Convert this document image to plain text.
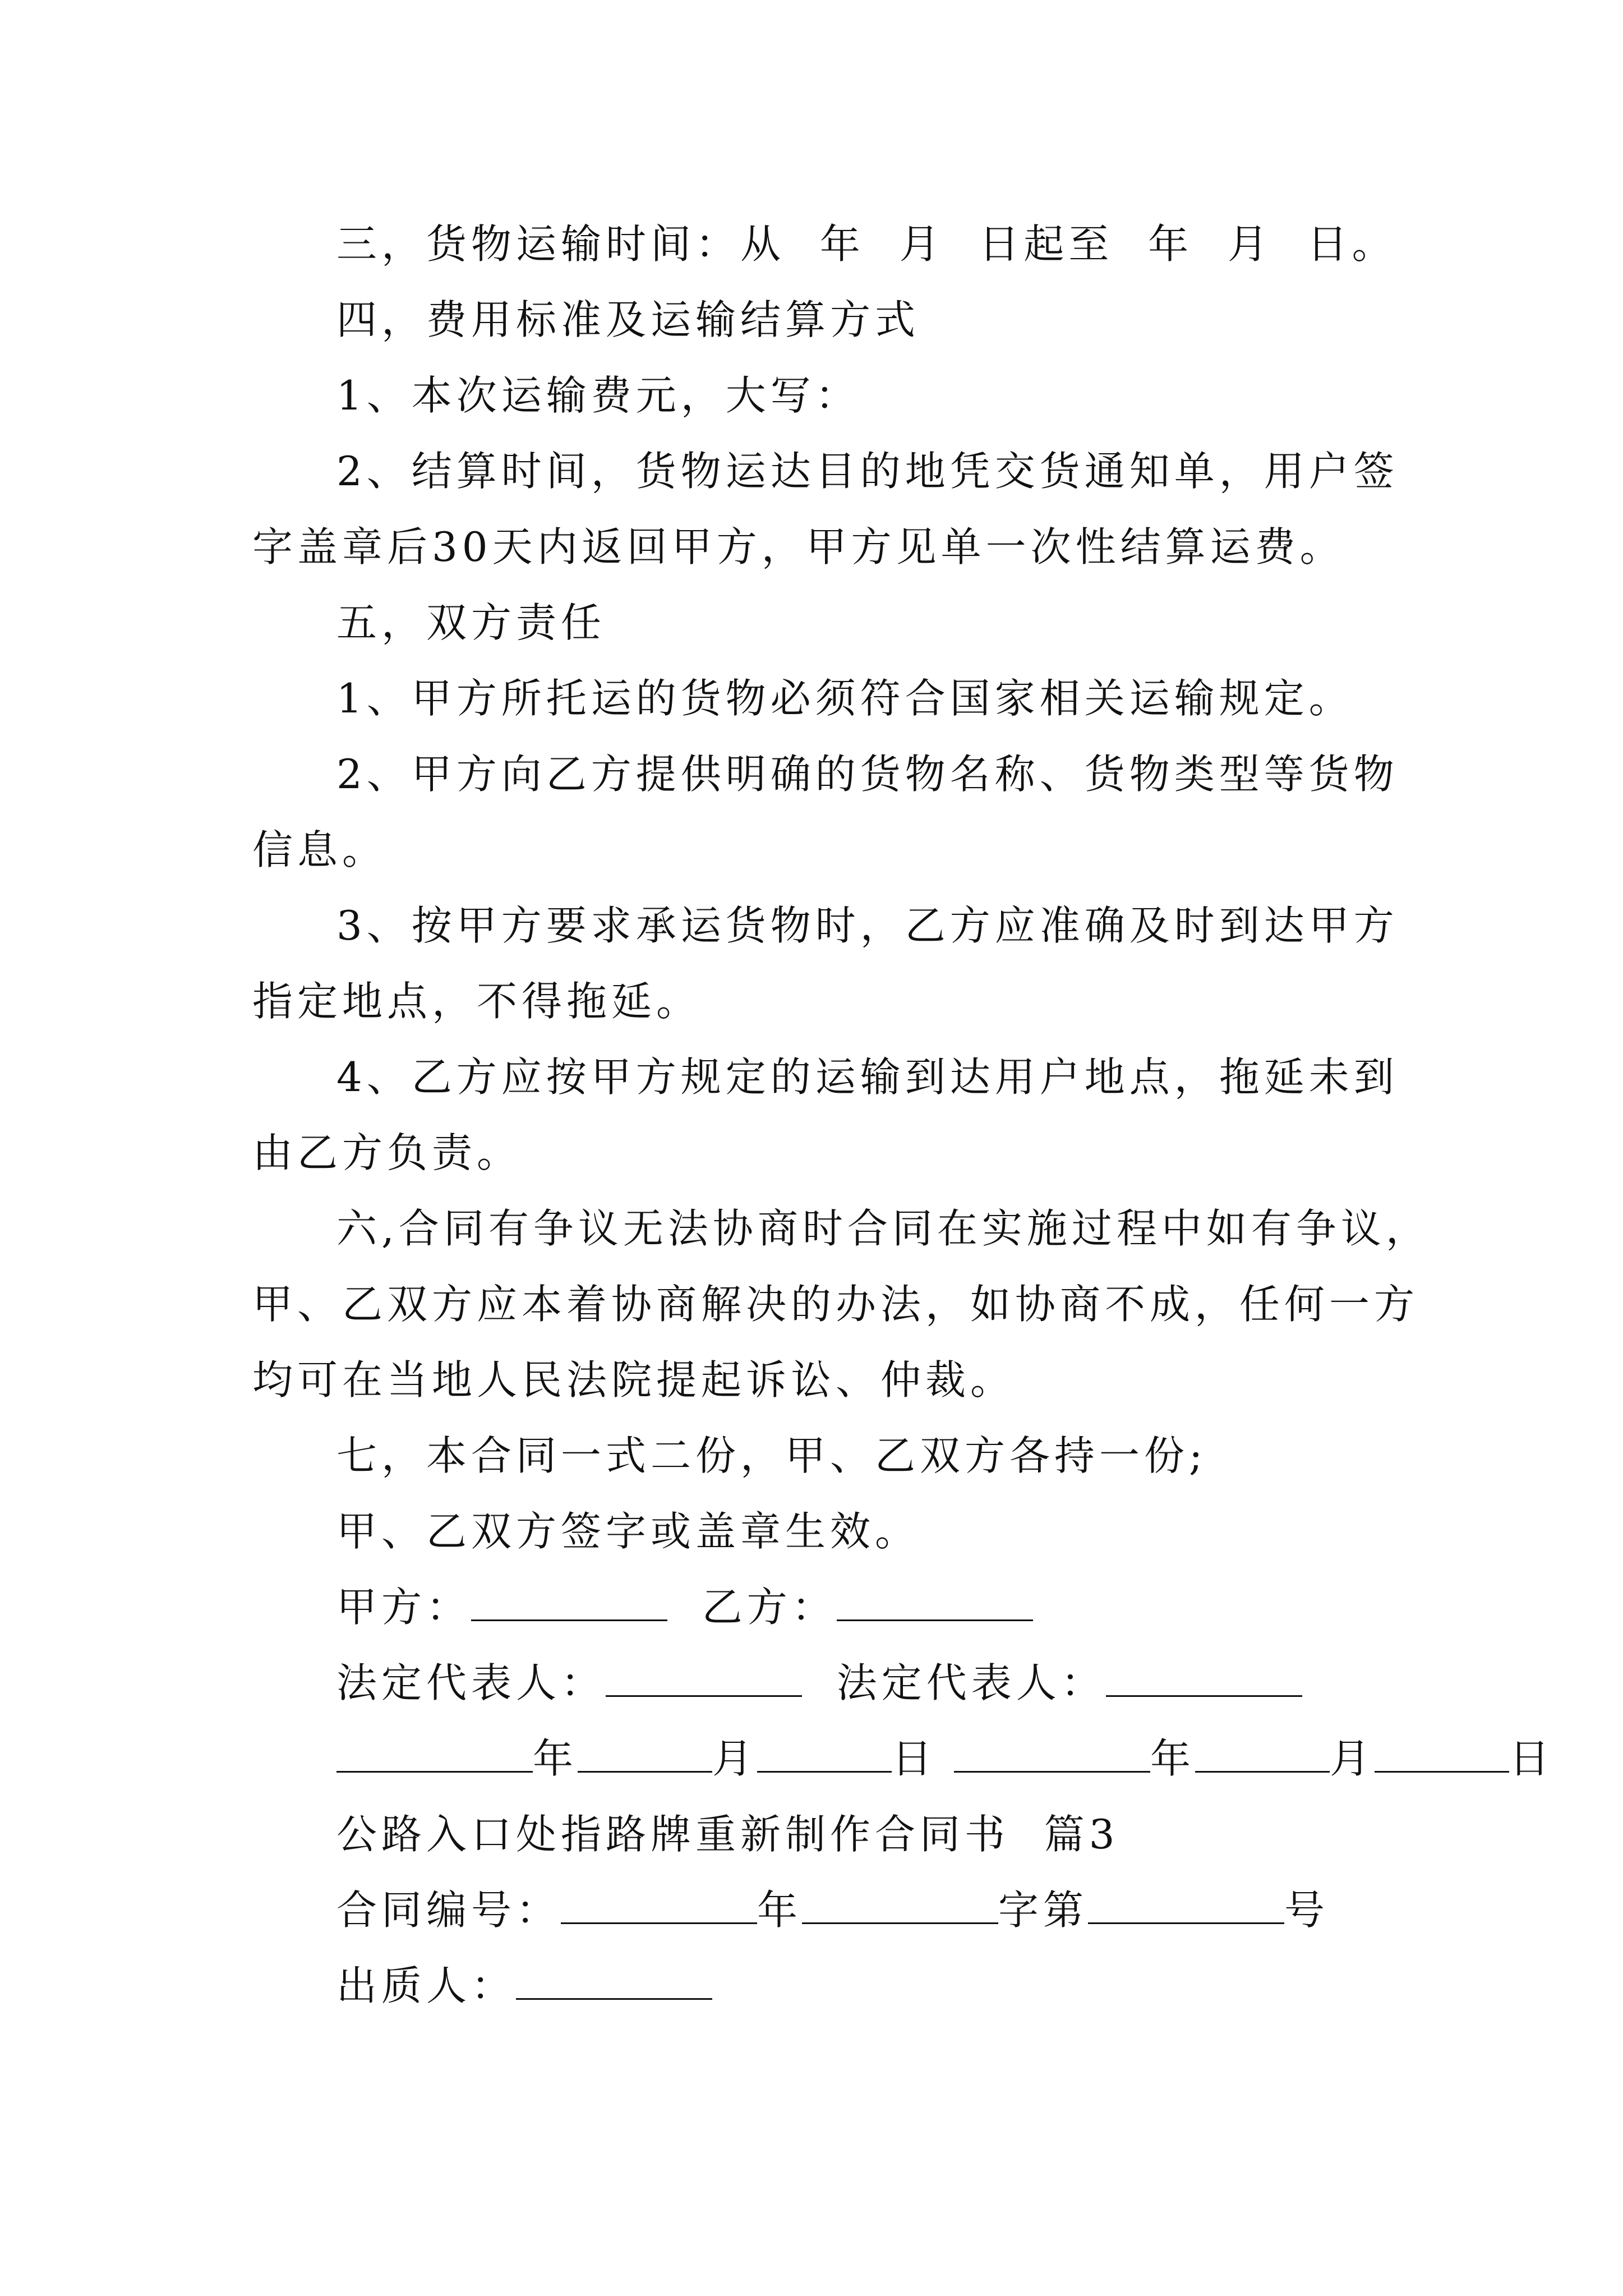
三，货物运输时间：从  年  月  日起至  年  月  日。
四，费用标准及运输结算方式
1、本次运输费元，大写：
2、结算时间，货物运达目的地凭交货通知单，用户签
字盖章后30天内返回甲方，甲方见单一次性结算运费。
五，双方责任
1、甲方所托运的货物必须符合国家相关运输规定。
2、甲方向乙方提供明确的货物名称、货物类型等货物
信息。
3、按甲方要求承运货物时，乙方应准确及时到达甲方
指定地点，不得拖延。
4、乙方应按甲方规定的运输到达用户地点，拖延未到
由乙方负责。
六,合同有争议无法协商时合同在实施过程中如有争议，
甲、乙双方应本着协商解决的办法，如协商不成，任何一方
均可在当地人民法院提起诉讼、仲裁。
七，本合同一式二份，甲、乙双方各持一份;
甲、乙双方签字或盖章生效。
甲方：	乙方：
法定代表人：	法定代表人：
年	月	日	年	月	日
公路入口处指路牌重新制作合同书  篇3
合同编号：	年	字第	号
出质人：
